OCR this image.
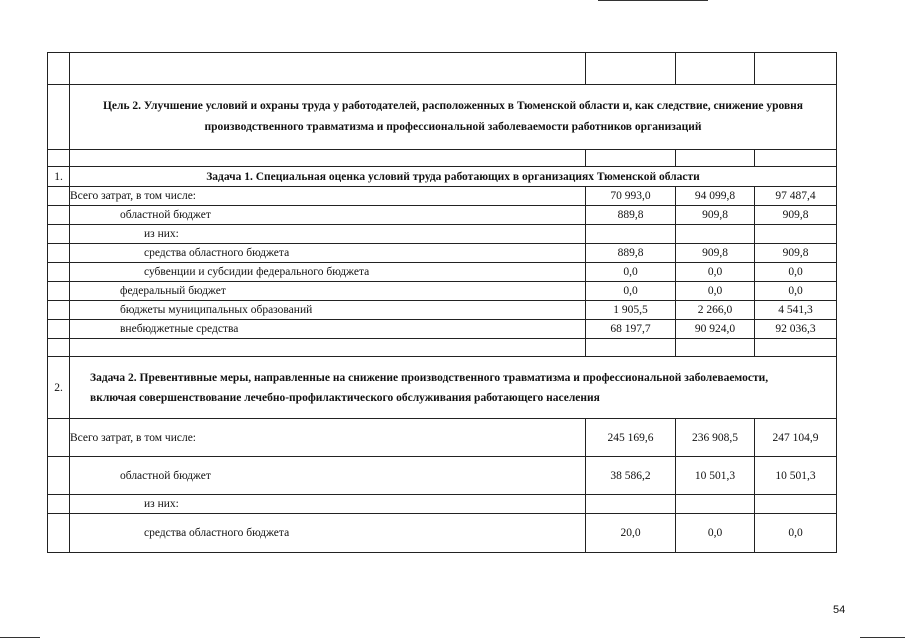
	Цель 2. Улучшение условий и охраны труда у работодателей, расположенных в Тюменской области и, как следствие, снижение уровня производственного травматизма и профессиональной заболеваемости работников организаций			

1.	Задача 1. Специальная оценка условий труда работающих в организациях Тюменской области			
	Всего затрат, в том числе:	70 993,0	94 099,8	97 487,4
	областной бюджет	889,8	909,8	909,8
	из них:			
	средства областного бюджета	889,8	909,8	909,8
	субвенции и субсидии федерального бюджета	0,0	0,0	0,0
	федеральный бюджет	0,0	0,0	0,0
	бюджеты муниципальных образований	1 905,5	2 266,0	4 541,3
	внебюджетные средства	68 197,7	90 924,0	92 036,3

2.	Задача 2. Превентивные меры, направленные на снижение производственного травматизма и профессиональной заболеваемости, включая совершенствование лечебно-профилактического обслуживания работающего населения			
	Всего затрат, в том числе:	245 169,6	236 908,5	247 104,9
	областной бюджет	38 586,2	10 501,3	10 501,3
	из них:			
	средства областного бюджета	20,0	0,0	0,0
54
